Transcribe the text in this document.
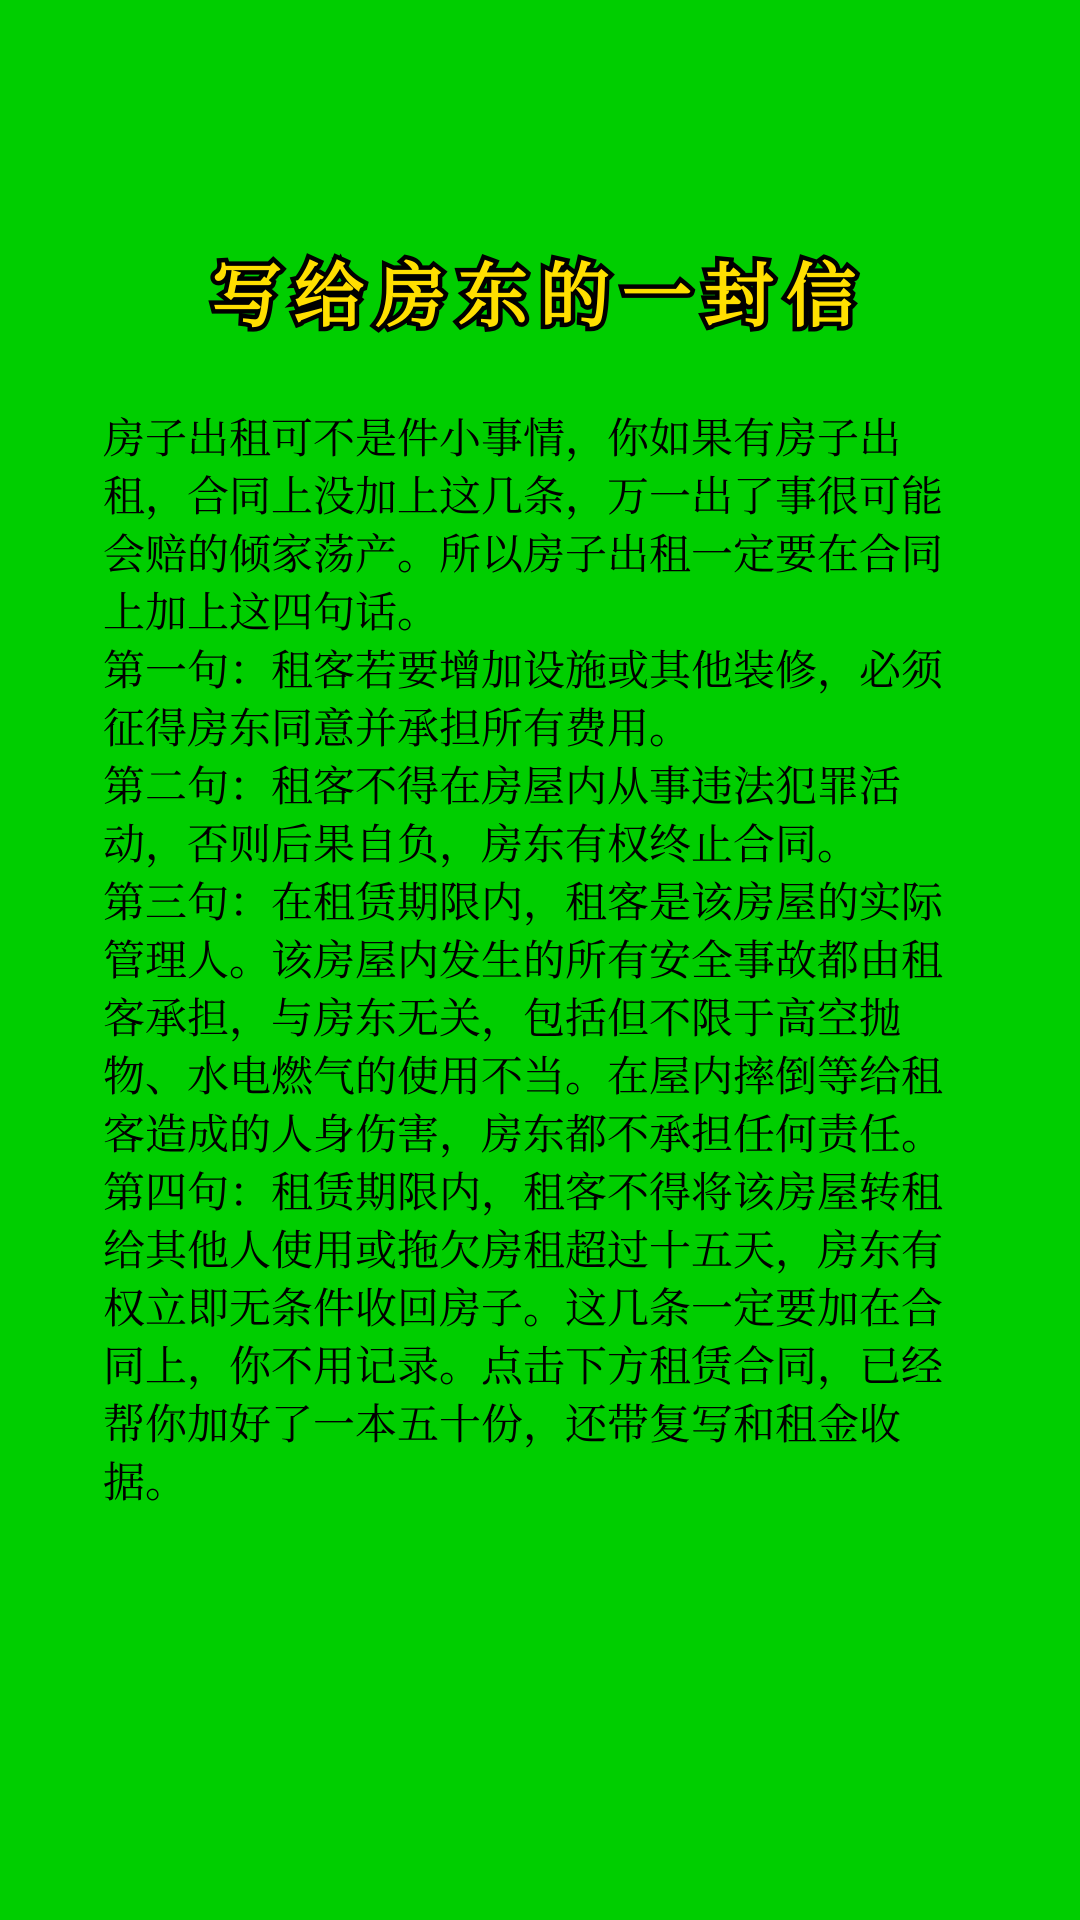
写给房东的一封信
房子出租可不是件小事情，你如果有房子出
租，合同上没加上这几条，万一出了事很可能
会赔的倾家荡产。所以房子出租一定要在合同
上加上这四句话。
第一句：租客若要增加设施或其他装修，必须
征得房东同意并承担所有费用。
第二句：租客不得在房屋内从事违法犯罪活
动，否则后果自负，房东有权终止合同。
第三句：在租赁期限内，租客是该房屋的实际
管理人。该房屋内发生的所有安全事故都由租
客承担，与房东无关，包括但不限于高空抛
物、水电燃气的使用不当。在屋内摔倒等给租
客造成的人身伤害，房东都不承担任何责任。
第四句：租赁期限内，租客不得将该房屋转租
给其他人使用或拖欠房租超过十五天，房东有
权立即无条件收回房子。这几条一定要加在合
同上，你不用记录。点击下方租赁合同，已经
帮你加好了一本五十份，还带复写和租金收
据。
